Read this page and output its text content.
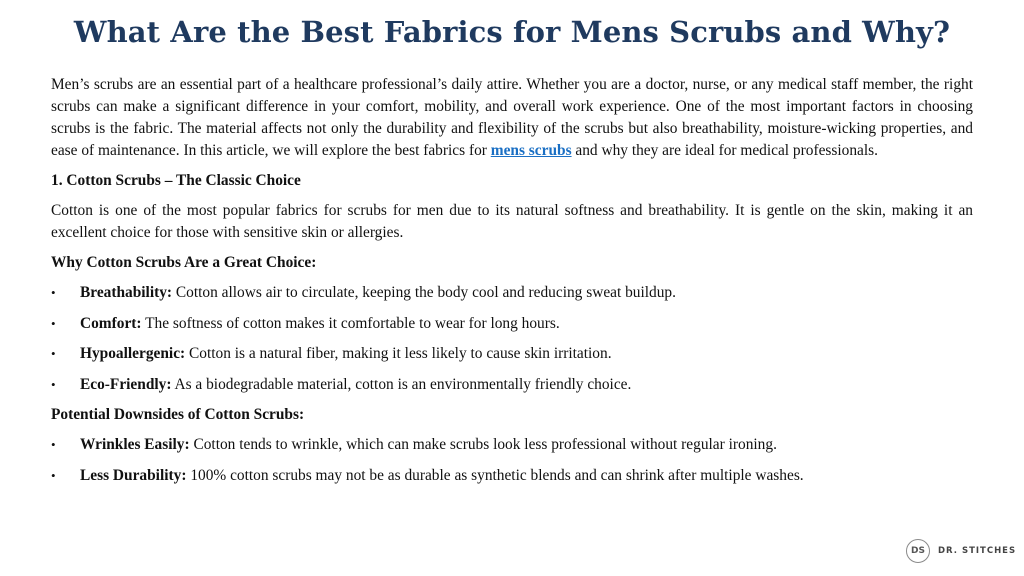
What Are the Best Fabrics for Mens Scrubs and Why?

Men’s scrubs are an essential part of a healthcare professional’s daily attire. Whether you are a doctor, nurse, or any medical staff member, the right scrubs can make a significant difference in your comfort, mobility, and overall work experience. One of the most important factors in choosing scrubs is the fabric. The material affects not only the durability and flexibility of the scrubs but also breathability, moisture-wicking properties, and ease of maintenance. In this article, we will explore the best fabrics for mens scrubs and why they are ideal for medical professionals.

1. Cotton Scrubs – The Classic Choice

Cotton is one of the most popular fabrics for scrubs for men due to its natural softness and breathability. It is gentle on the skin, making it an excellent choice for those with sensitive skin or allergies.

Why Cotton Scrubs Are a Great Choice:

• Breathability: Cotton allows air to circulate, keeping the body cool and reducing sweat buildup.
• Comfort: The softness of cotton makes it comfortable to wear for long hours.
• Hypoallergenic: Cotton is a natural fiber, making it less likely to cause skin irritation.
• Eco-Friendly: As a biodegradable material, cotton is an environmentally friendly choice.

Potential Downsides of Cotton Scrubs:

• Wrinkles Easily: Cotton tends to wrinkle, which can make scrubs look less professional without regular ironing.
• Less Durability: 100% cotton scrubs may not be as durable as synthetic blends and can shrink after multiple washes.
DS	DR. STITCHES
